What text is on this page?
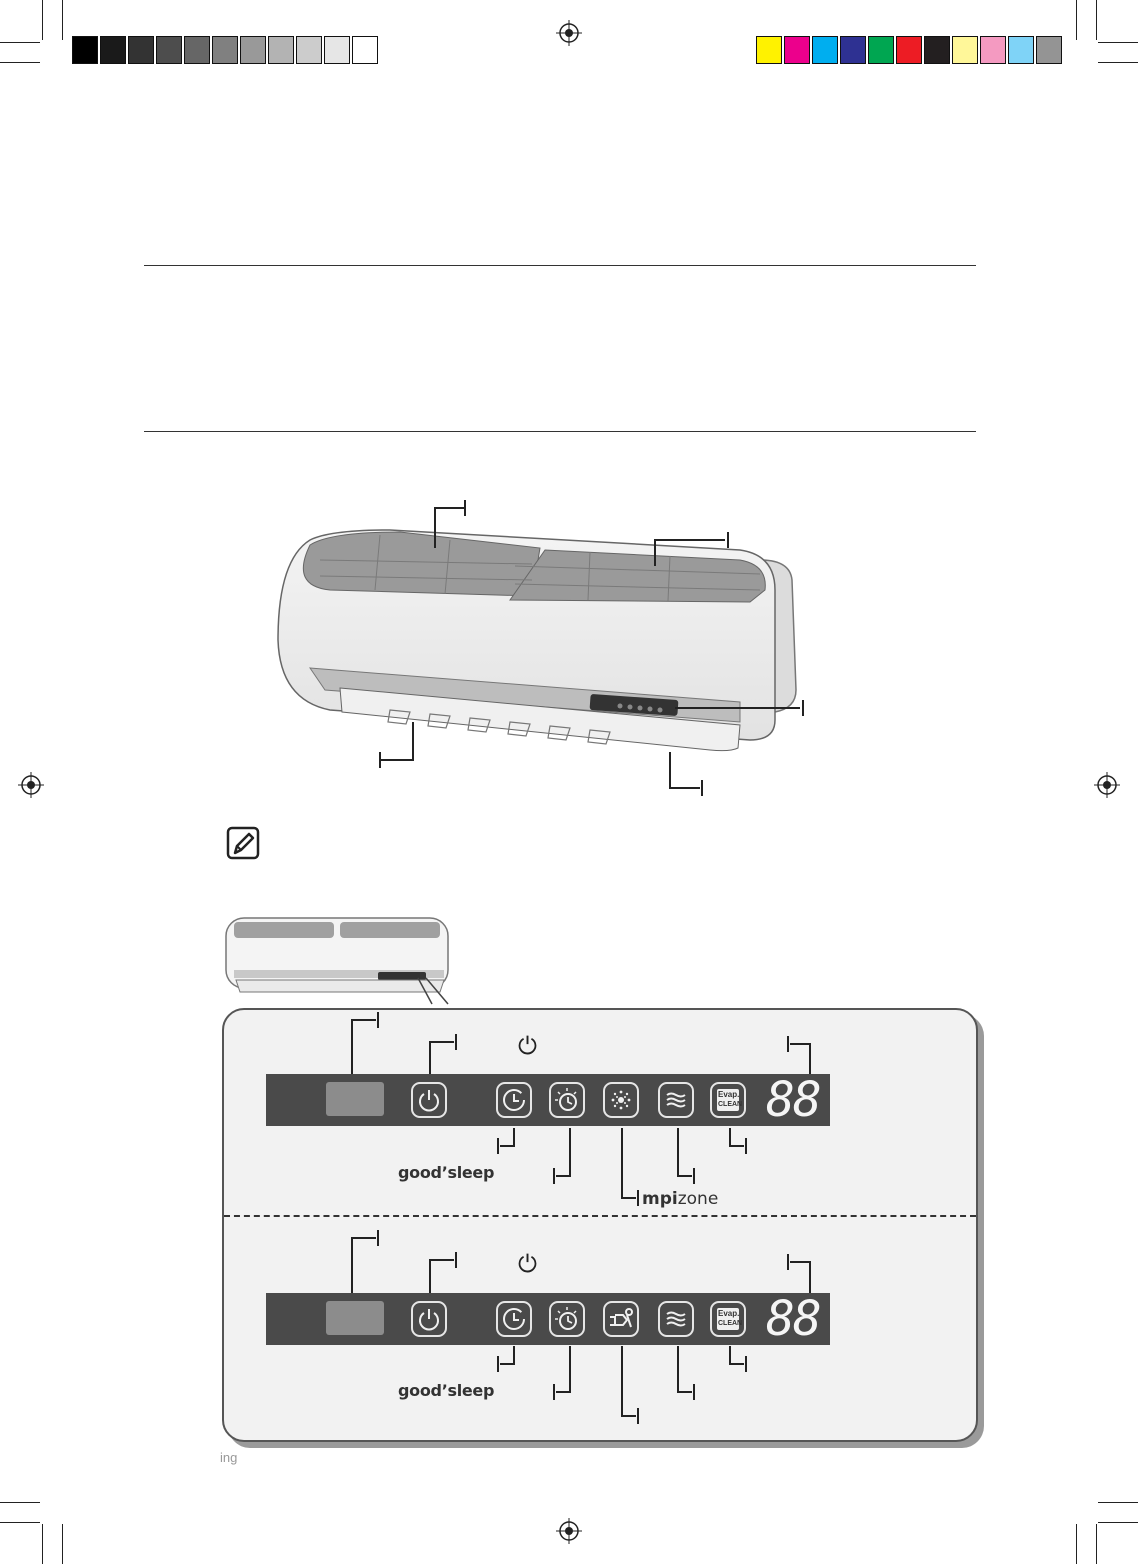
⏻
Evap.
CLEAN 88
good’sleep
mpizone
⏻
Evap.
CLEAN 88
good’sleep
ing
